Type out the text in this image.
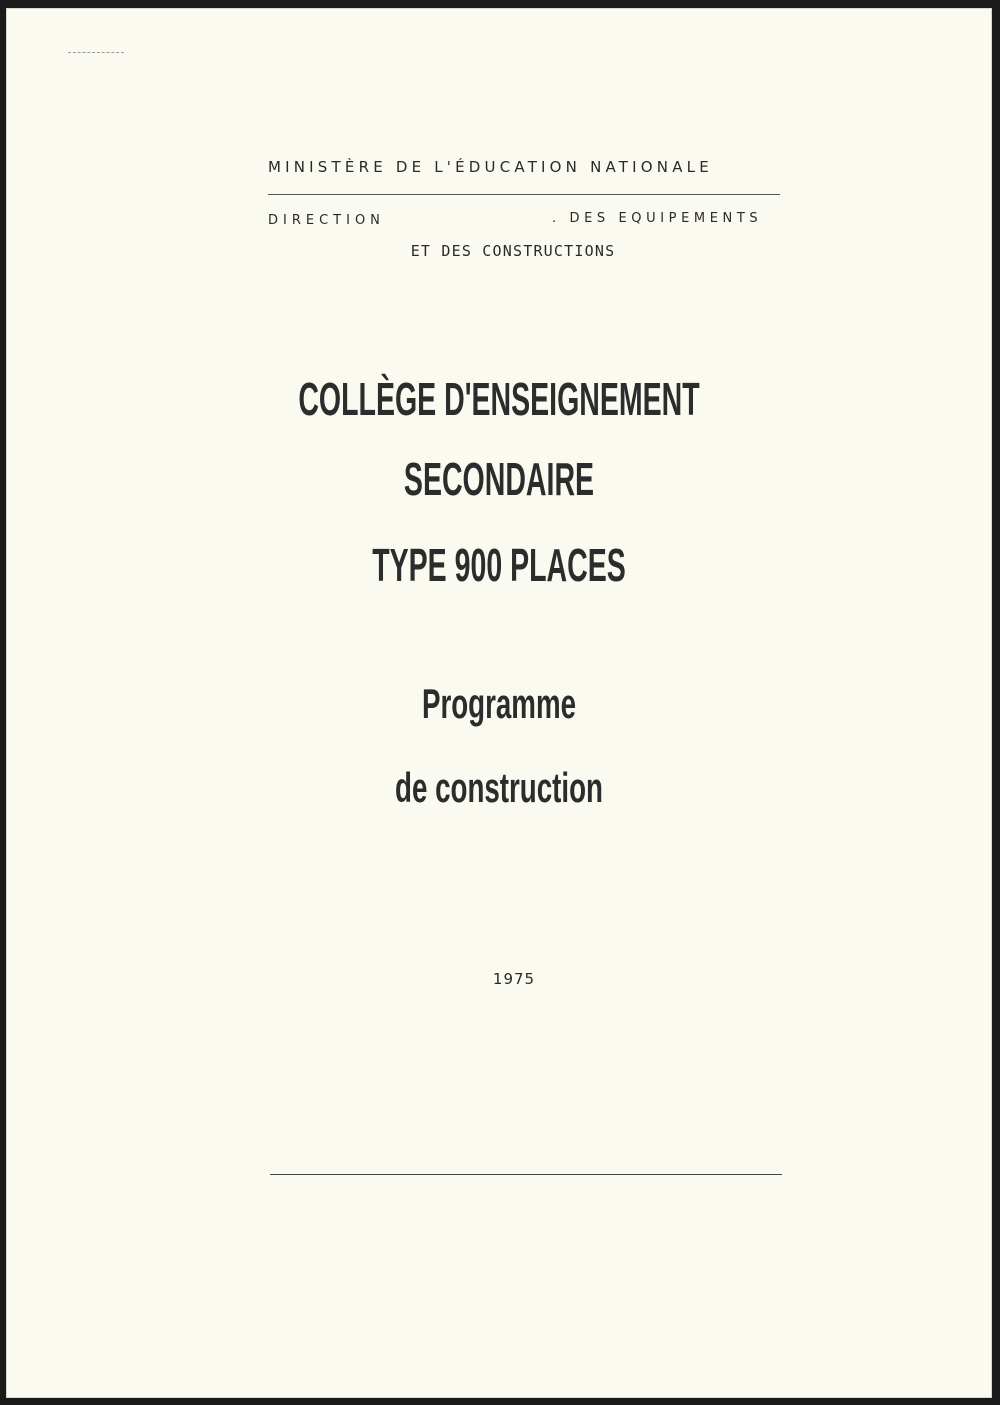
MINISTÈRE DE L'ÉDUCATION NATIONALE
DIRECTION	. DES EQUIPEMENTS
ET DES CONSTRUCTIONS
COLLÈGE D'ENSEIGNEMENT
SECONDAIRE
TYPE 900 PLACES
Programme
de construction
1975
